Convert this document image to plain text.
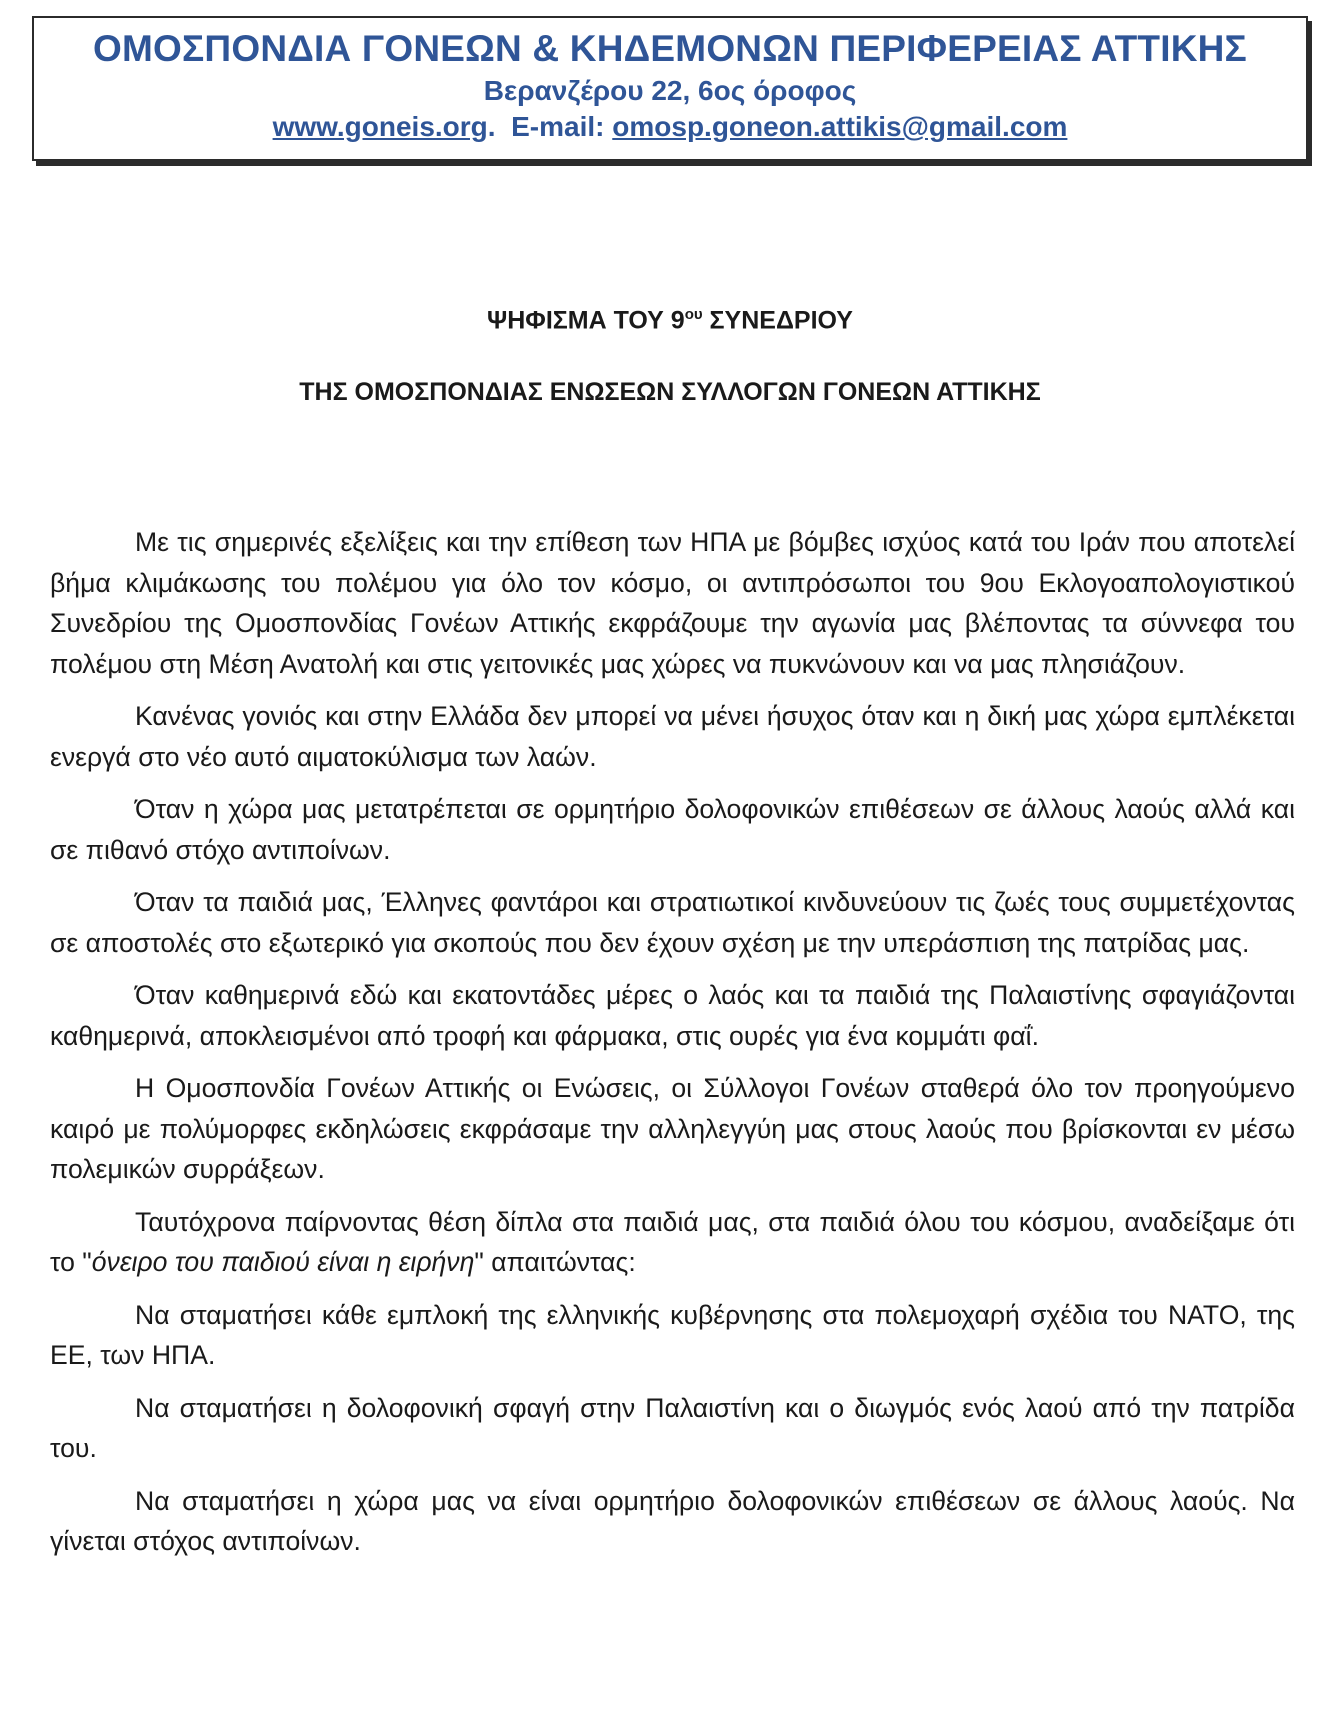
ΟΜΟΣΠΟΝΔΙΑ ΓΟΝΕΩΝ & ΚΗΔΕΜΟΝΩΝ ΠΕΡΙΦΕΡΕΙΑΣ ΑΤΤΙΚΗΣ
Βερανζέρου 22, 6ος όροφος
www.goneis.org. E-mail: omosp.goneon.attikis@gmail.com
ΨΗΦΙΣΜΑ ΤΟΥ $9^{o\upsilon}$ ΣΥΝΕΔΡΙΟΥ
ΤΗΣ ΟΜΟΣΠΟΝΔΙΑΣ ΕΝΩΣΕΩΝ ΣΥΛΛΟΓΩΝ ΓΟΝΕΩΝ ΑΤΤΙΚΗΣ

Με τις σημερινές εξελίξεις και την επίθεση των ΗΠΑ με βόμβες ισχύος κατά του Ιράν που αποτελεί βήμα κλιμάκωσης του πολέμου για όλο τον κόσμο, οι αντιπρόσωποι του 9ου Εκλογοαπολογιστικού Συνεδρίου της Ομοσπονδίας Γονέων Αττικής εκφράζουμε την αγωνία μας βλέποντας τα σύννεφα του πολέμου στη Μέση Ανατολή και στις γειτονικές μας χώρες να πυκνώνουν και να μας πλησιάζουν.

Κανένας γονιός και στην Ελλάδα δεν μπορεί να μένει ήσυχος όταν και η δική μας χώρα εμπλέκεται ενεργά στο νέο αυτό αιματοκύλισμα των λαών.

Όταν η χώρα μας μετατρέπεται σε ορμητήριο δολοφονικών επιθέσεων σε άλλους λαούς αλλά και σε πιθανό στόχο αντιποίνων.

Όταν τα παιδιά μας, Έλληνες φαντάροι και στρατιωτικοί κινδυνεύουν τις ζωές τους συμμετέχοντας σε αποστολές στο εξωτερικό για σκοπούς που δεν έχουν σχέση με την υπεράσπιση της πατρίδας μας.

Όταν καθημερινά εδώ και εκατοντάδες μέρες ο λαός και τα παιδιά της Παλαιστίνης σφαγιάζονται καθημερινά, αποκλεισμένοι από τροφή και φάρμακα, στις ουρές για ένα κομμάτι φαΐ.

Η Ομοσπονδία Γονέων Αττικής οι Ενώσεις, οι Σύλλογοι Γονέων σταθερά όλο τον προηγούμενο καιρό με πολύμορφες εκδηλώσεις εκφράσαμε την αλληλεγγύη μας στους λαούς που βρίσκονται εν μέσω πολεμικών συρράξεων.

Ταυτόχρονα παίρνοντας θέση δίπλα στα παιδιά μας, στα παιδιά όλου του κόσμου, αναδείξαμε ότι το "όνειρο του παιδιού είναι η ειρήνη" απαιτώντας:

Να σταματήσει κάθε εμπλοκή της ελληνικής κυβέρνησης στα πολεμοχαρή σχέδια του ΝΑΤΟ, της ΕΕ, των ΗΠΑ.

Να σταματήσει η δολοφονική σφαγή στην Παλαιστίνη και ο διωγμός ενός λαού από την πατρίδα του.

Να σταματήσει η χώρα μας να είναι ορμητήριο δολοφονικών επιθέσεων σε άλλους λαούς. Να γίνεται στόχος αντιποίνων.
